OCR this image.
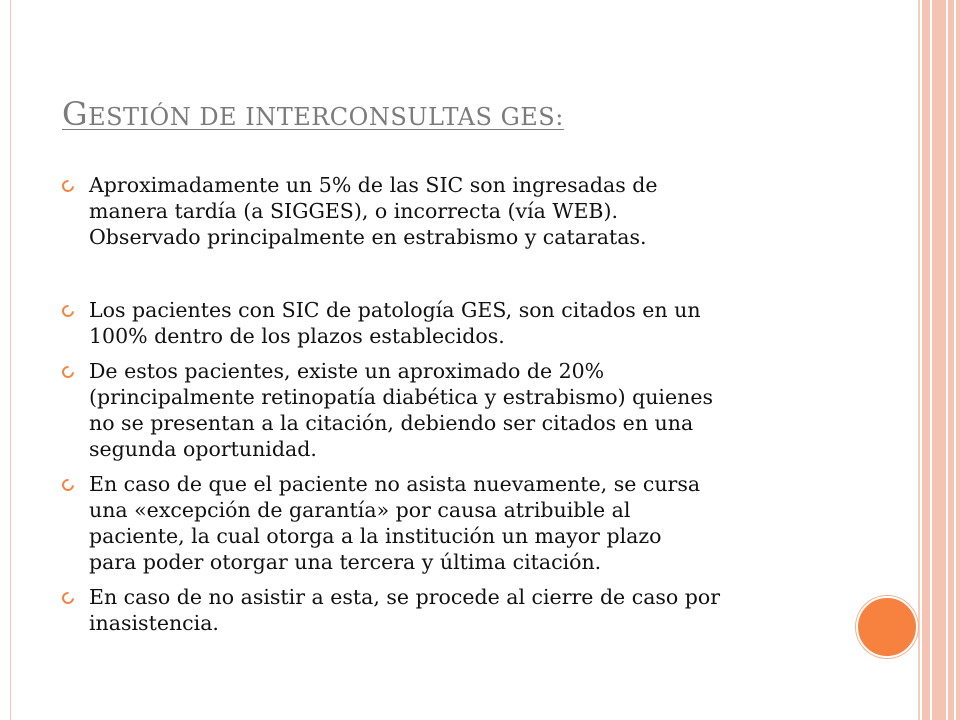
GESTIÓN DE INTERCONSULTAS GES:
Aproximadamente un 5% de las SIC son ingresadas de
manera tardía (a SIGGES), o incorrecta (vía WEB).
Observado principalmente en estrabismo y cataratas.
Los pacientes con SIC de patología GES, son citados en un
100% dentro de los plazos establecidos.
De estos pacientes, existe un aproximado de 20%
(principalmente retinopatía diabética y estrabismo) quienes
no se presentan a la citación, debiendo ser citados en una
segunda oportunidad.
En caso de que el paciente no asista nuevamente, se cursa
una «excepción de garantía» por causa atribuible al
paciente, la cual otorga a la institución un mayor plazo
para poder otorgar una tercera y última citación.
En caso de no asistir a esta, se procede al cierre de caso por
inasistencia.
